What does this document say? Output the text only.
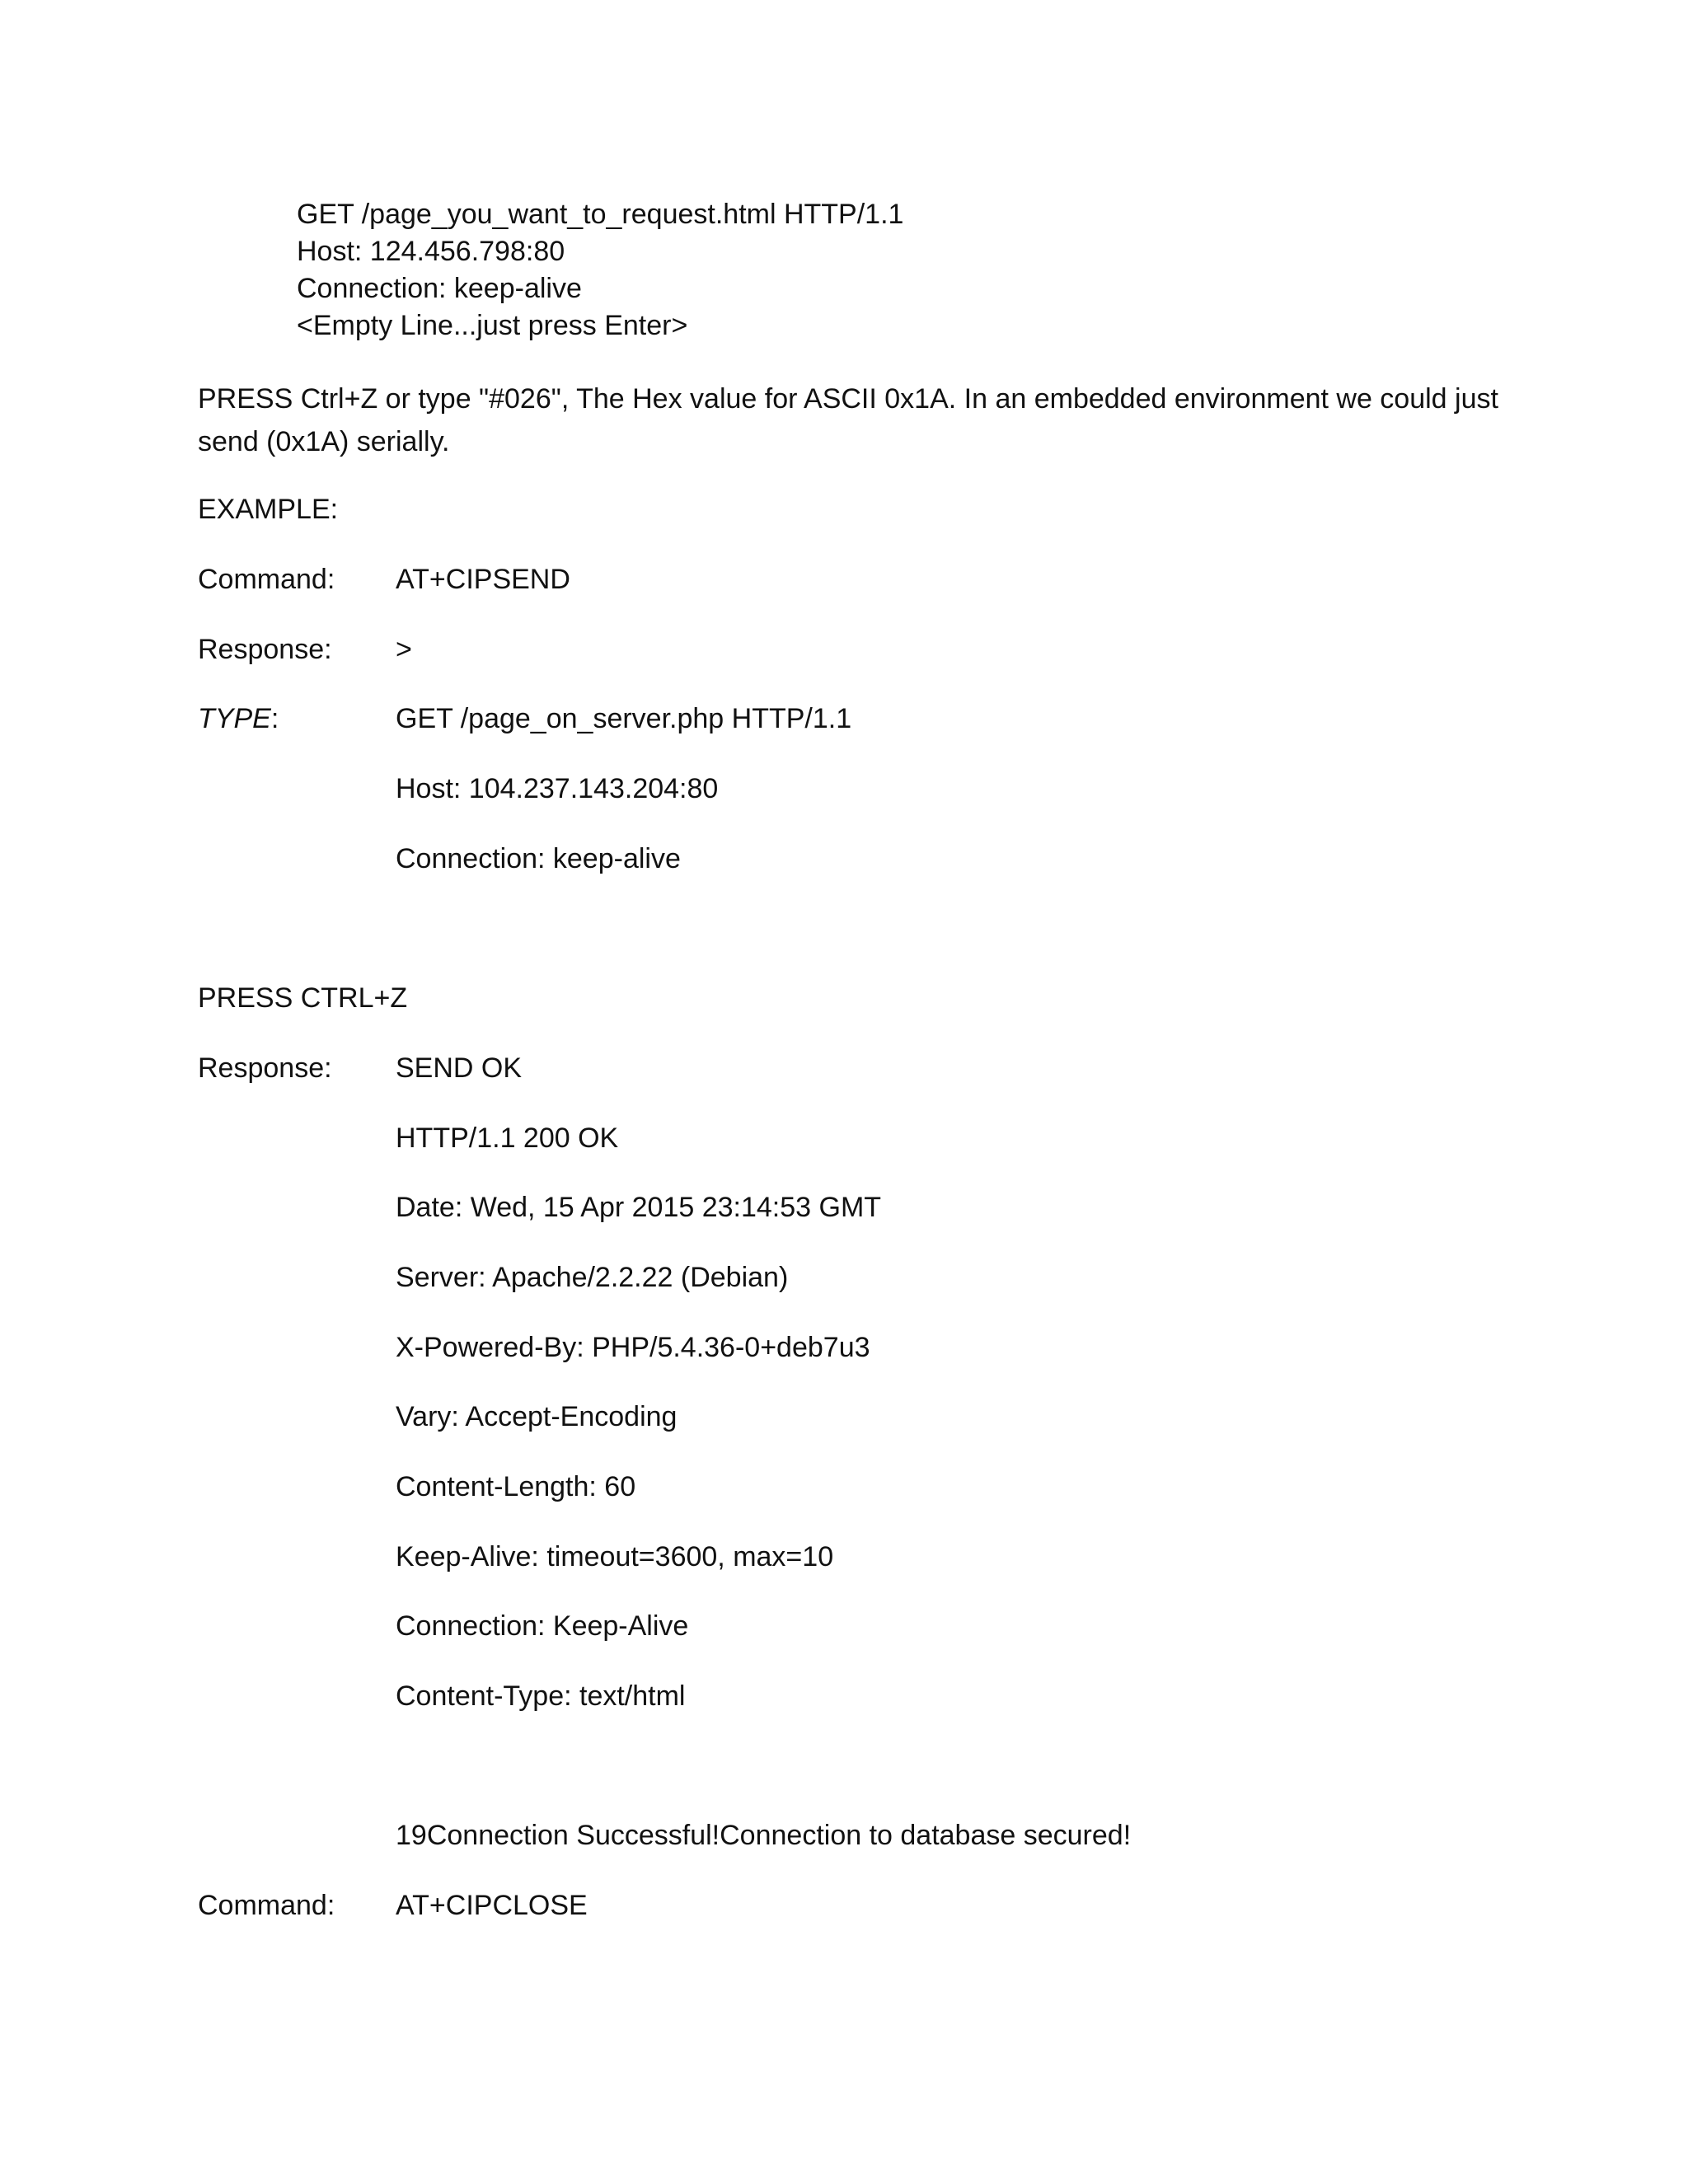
GET /page_you_want_to_request.html HTTP/1.1
Host: 124.456.798:80
Connection: keep-alive
<Empty Line...just press Enter>
PRESS Ctrl+Z or type "#026", The Hex value for ASCII 0x1A. In an embedded environment we could just send (0x1A) serially.
EXAMPLE:
Command: AT+CIPSEND
Response: >
TYPE:	GET /page_on_server.php HTTP/1.1
Host: 104.237.143.204:80
Connection: keep-alive
PRESS CTRL+Z
Response: SEND OK
HTTP/1.1 200 OK
Date: Wed, 15 Apr 2015 23:14:53 GMT
Server: Apache/2.2.22 (Debian)
X-Powered-By: PHP/5.4.36-0+deb7u3
Vary: Accept-Encoding
Content-Length: 60
Keep-Alive: timeout=3600, max=10
Connection: Keep-Alive
Content-Type: text/html
19Connection Successful!Connection to database secured!
Command: AT+CIPCLOSE
